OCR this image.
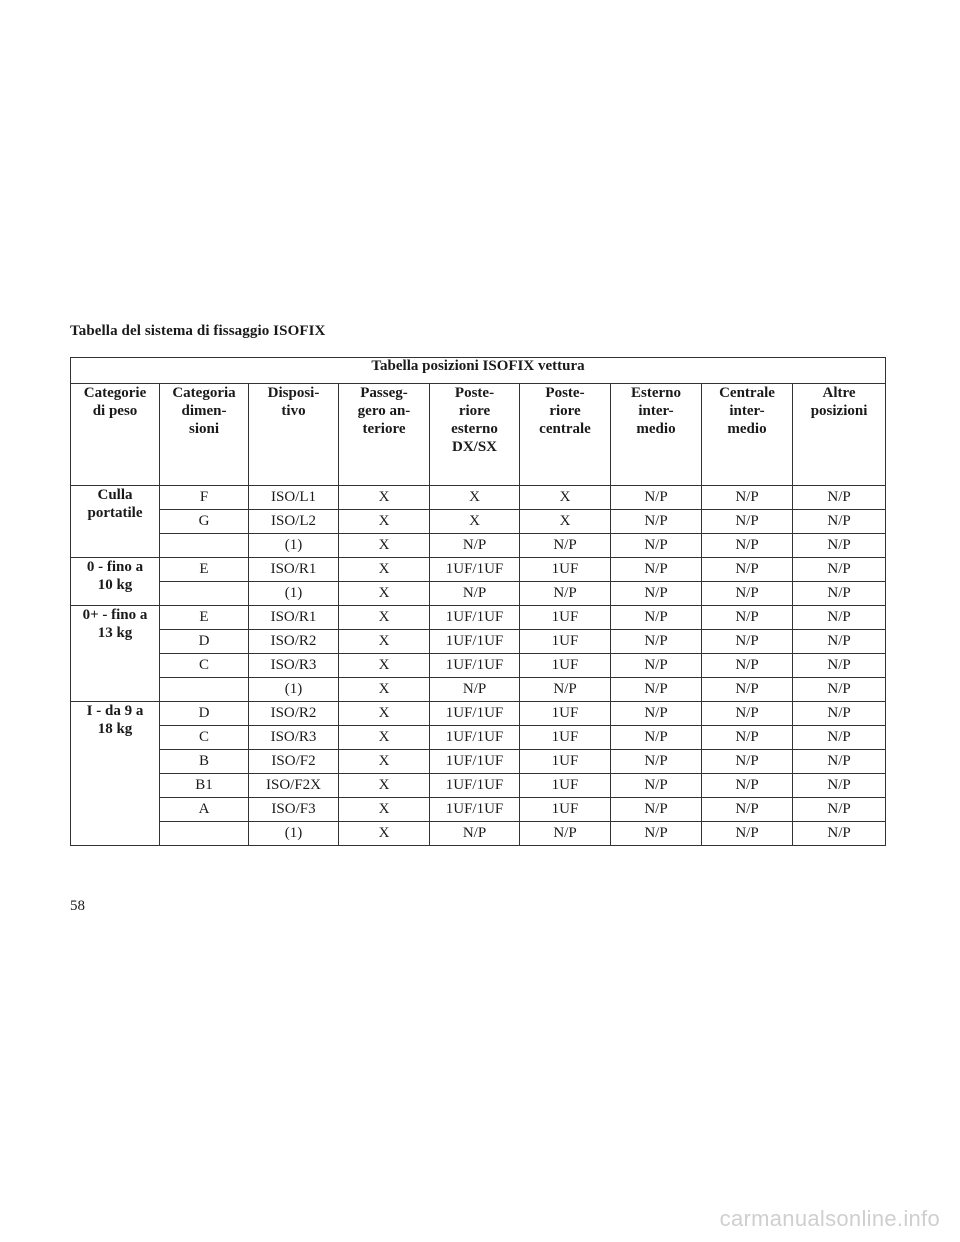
Tabella del sistema di fissaggio ISOFIX
Tabella posizioni ISOFIX vettura								

Categorie
di peso	Categoria
dimen-
sioni	Disposi-
tivo	Passeg-
gero an-
teriore	Poste-
riore
esterno
DX/SX	Poste-
riore
centrale	Esterno
inter-
medio	Centrale
inter-
medio	Altre
posizioni

Culla
portatile	F	ISO/L1	X	X	X	N/P	N/P	N/P
	G	ISO/L2	X	X	X	N/P	N/P	N/P
		(1)	X	N/P	N/P	N/P	N/P	N/P

0 - fino a
10 kg	E	ISO/R1	X	1UF/1UF	1UF	N/P	N/P	N/P
		(1)	X	N/P	N/P	N/P	N/P	N/P

0+ - fino a
13 kg	E	ISO/R1	X	1UF/1UF	1UF	N/P	N/P	N/P
	D	ISO/R2	X	1UF/1UF	1UF	N/P	N/P	N/P
	C	ISO/R3	X	1UF/1UF	1UF	N/P	N/P	N/P
		(1)	X	N/P	N/P	N/P	N/P	N/P

I - da 9 a
18 kg	D	ISO/R2	X	1UF/1UF	1UF	N/P	N/P	N/P
	C	ISO/R3	X	1UF/1UF	1UF	N/P	N/P	N/P
	B	ISO/F2	X	1UF/1UF	1UF	N/P	N/P	N/P
	B1	ISO/F2X	X	1UF/1UF	1UF	N/P	N/P	N/P
	A	ISO/F3	X	1UF/1UF	1UF	N/P	N/P	N/P
		(1)	X	N/P	N/P	N/P	N/P	N/P
58
carmanualsonline.info
